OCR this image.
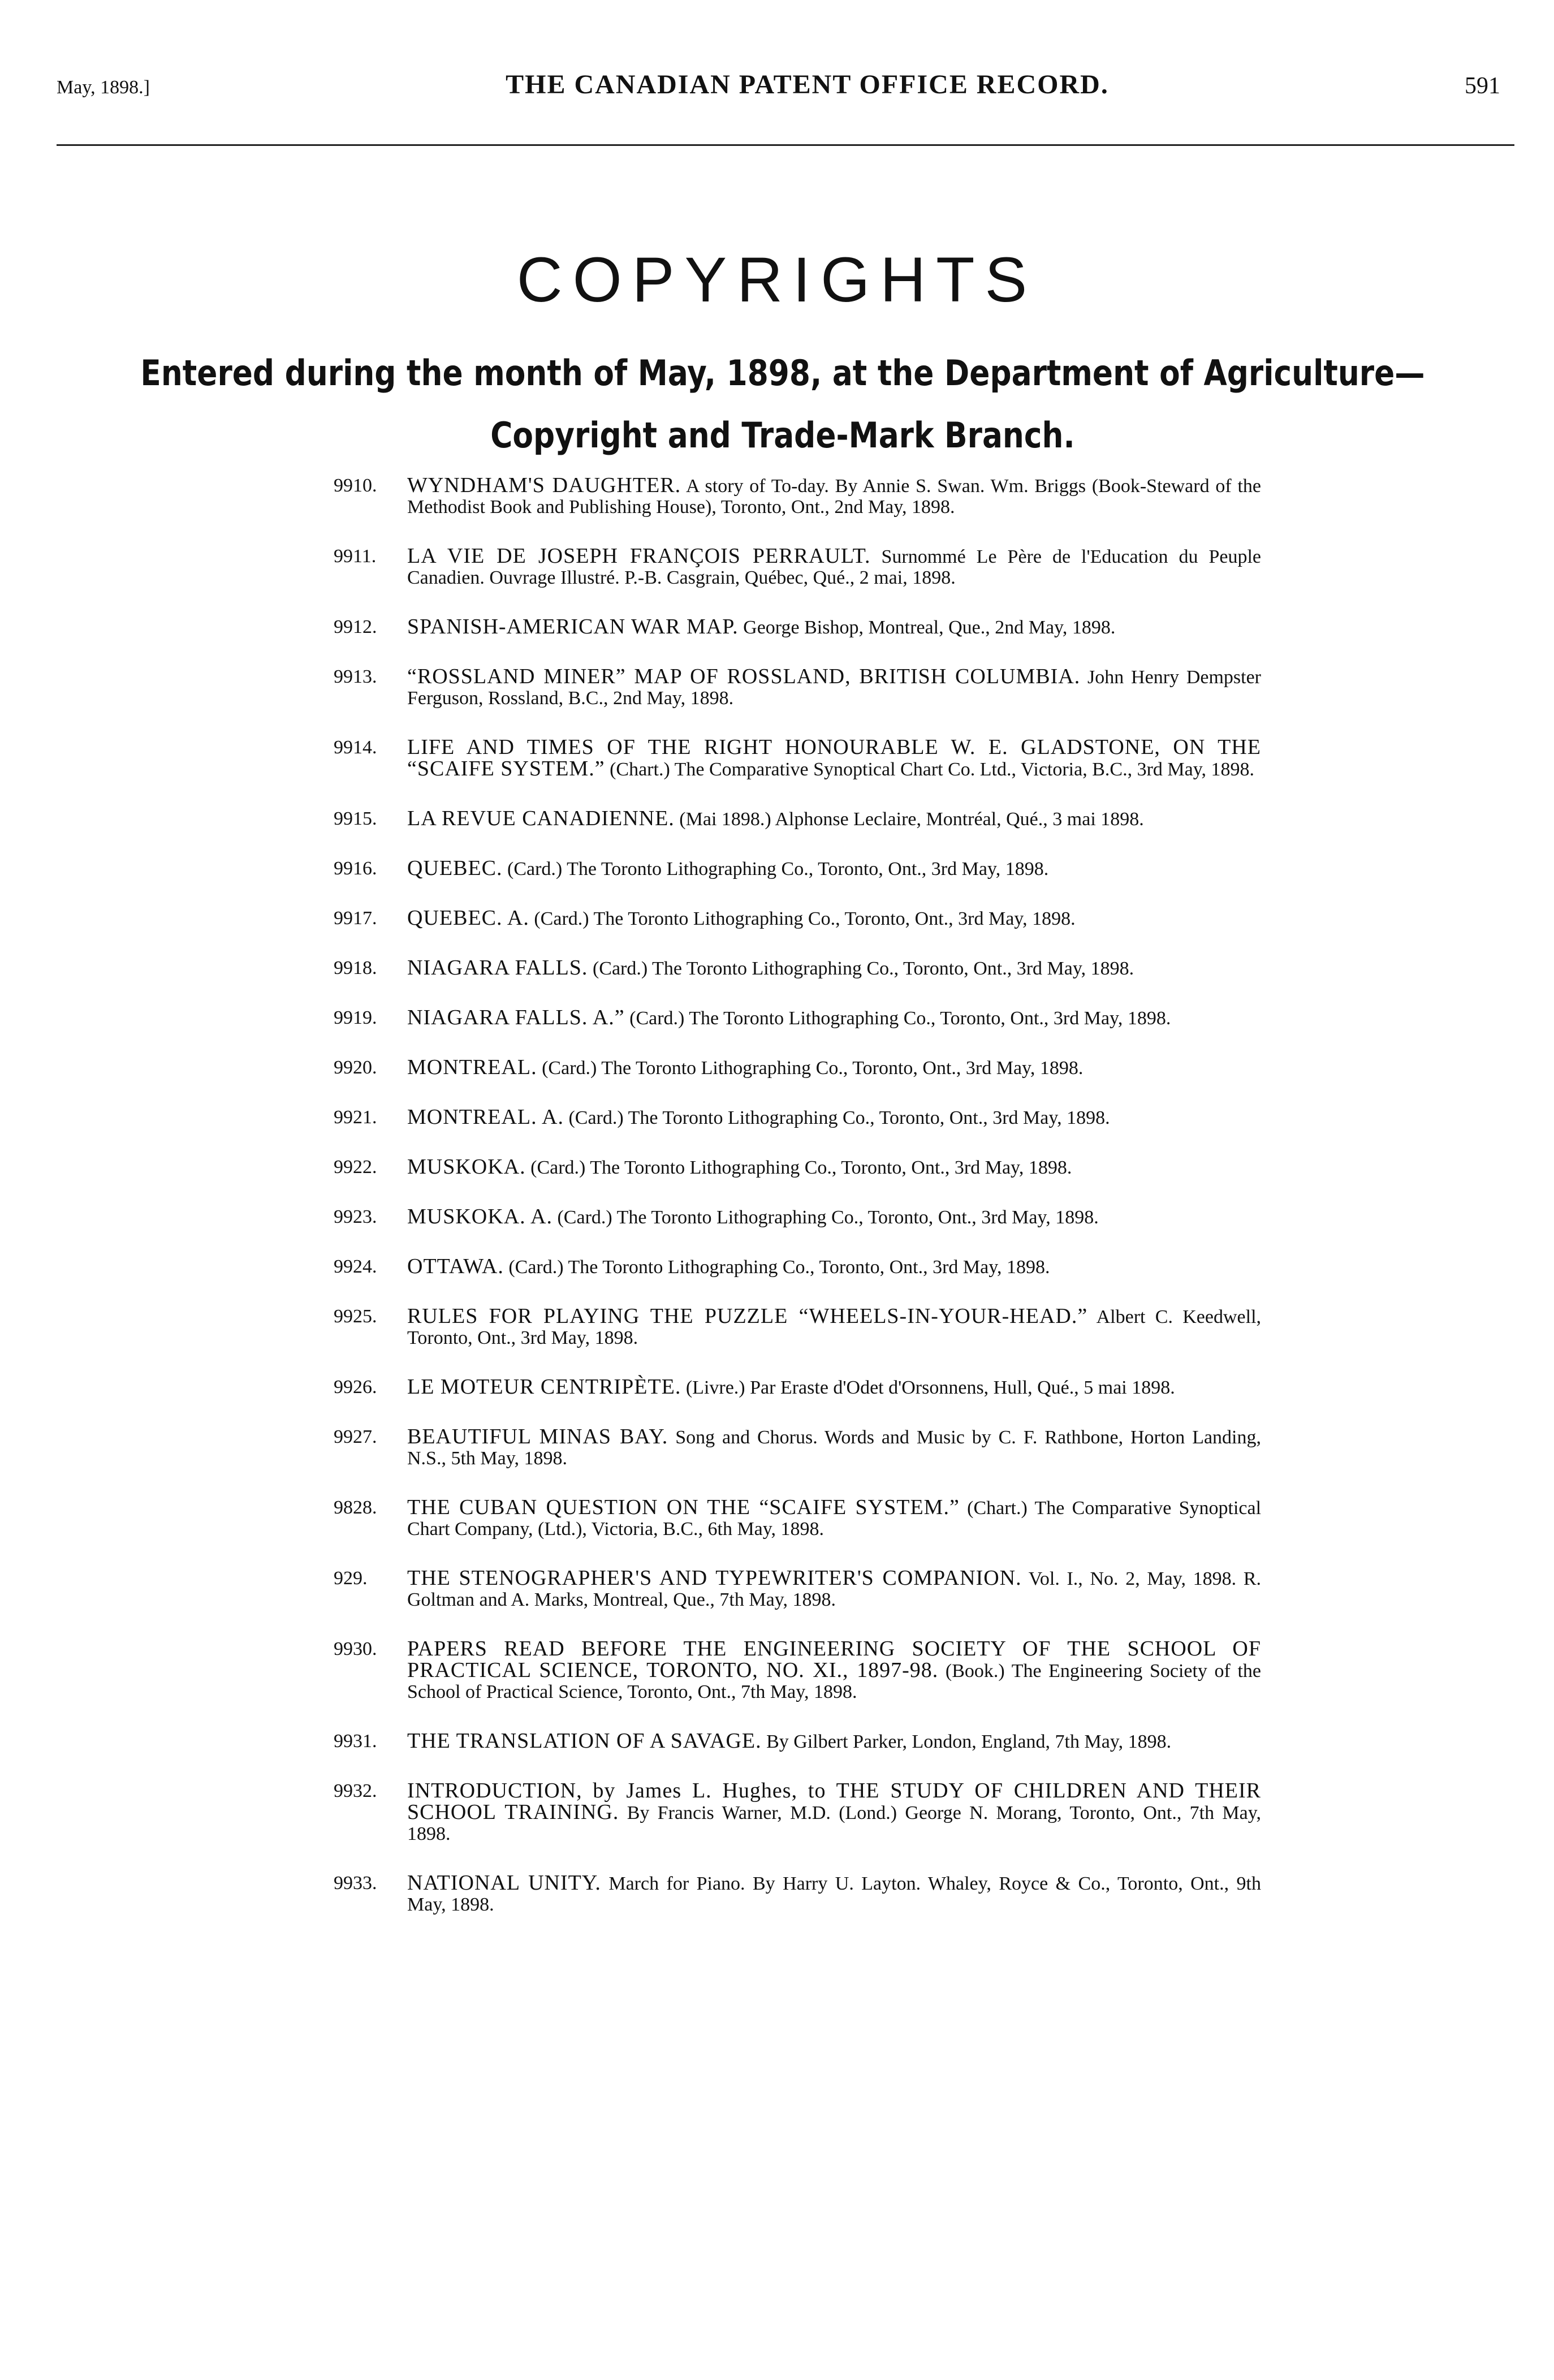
May, 1898.]	THE CANADIAN PATENT OFFICE RECORD.	591
COPYRIGHTS
Entered during the month of May, 1898, at the Department of Agriculture—
Copyright and Trade-Mark Branch.
9910.	WYNDHAM'S DAUGHTER. A story of To-day. By Annie S. Swan. Wm. Briggs (Book-Steward of the Methodist Book and Publishing House), Toronto, Ont., 2nd May, 1898.
9911.	LA VIE DE JOSEPH FRANÇOIS PERRAULT. Surnommé Le Père de l'Education du Peuple Canadien. Ouvrage Illustré. P.-B. Casgrain, Québec, Qué., 2 mai, 1898.
9912.	SPANISH-AMERICAN WAR MAP. George Bishop, Montreal, Que., 2nd May, 1898.
9913.	“ROSSLAND MINER” MAP OF ROSSLAND, BRITISH COLUMBIA. John Henry Dempster Ferguson, Rossland, B.C., 2nd May, 1898.
9914.	LIFE AND TIMES OF THE RIGHT HONOURABLE W. E. GLADSTONE, ON THE “SCAIFE SYSTEM.” (Chart.) The Comparative Synoptical Chart Co. Ltd., Victoria, B.C., 3rd May, 1898.
9915.	LA REVUE CANADIENNE. (Mai 1898.) Alphonse Leclaire, Montréal, Qué., 3 mai 1898.
9916.	QUEBEC. (Card.) The Toronto Lithographing Co., Toronto, Ont., 3rd May, 1898.
9917.	QUEBEC. A. (Card.) The Toronto Lithographing Co., Toronto, Ont., 3rd May, 1898.
9918.	NIAGARA FALLS. (Card.) The Toronto Lithographing Co., Toronto, Ont., 3rd May, 1898.
9919.	NIAGARA FALLS. A.” (Card.) The Toronto Lithographing Co., Toronto, Ont., 3rd May, 1898.
9920.	MONTREAL. (Card.) The Toronto Lithographing Co., Toronto, Ont., 3rd May, 1898.
9921.	MONTREAL. A. (Card.) The Toronto Lithographing Co., Toronto, Ont., 3rd May, 1898.
9922.	MUSKOKA. (Card.) The Toronto Lithographing Co., Toronto, Ont., 3rd May, 1898.
9923.	MUSKOKA. A. (Card.) The Toronto Lithographing Co., Toronto, Ont., 3rd May, 1898.
9924.	OTTAWA. (Card.) The Toronto Lithographing Co., Toronto, Ont., 3rd May, 1898.
9925.	RULES FOR PLAYING THE PUZZLE “WHEELS-IN-YOUR-HEAD.” Albert C. Keedwell, Toronto, Ont., 3rd May, 1898.
9926.	LE MOTEUR CENTRIPÈTE. (Livre.) Par Eraste d'Odet d'Orsonnens, Hull, Qué., 5 mai 1898.
9927.	BEAUTIFUL MINAS BAY. Song and Chorus. Words and Music by C. F. Rathbone, Horton Landing, N.S., 5th May, 1898.
9828.	THE CUBAN QUESTION ON THE “SCAIFE SYSTEM.” (Chart.) The Comparative Synoptical Chart Company, (Ltd.), Victoria, B.C., 6th May, 1898.
929.	THE STENOGRAPHER'S AND TYPEWRITER'S COMPANION. Vol. I., No. 2, May, 1898. R. Goltman and A. Marks, Montreal, Que., 7th May, 1898.
9930.	PAPERS READ BEFORE THE ENGINEERING SOCIETY OF THE SCHOOL OF PRACTICAL SCIENCE, TORONTO, NO. XI., 1897-98. (Book.) The Engineering Society of the School of Practical Science, Toronto, Ont., 7th May, 1898.
9931.	THE TRANSLATION OF A SAVAGE. By Gilbert Parker, London, England, 7th May, 1898.
9932.	INTRODUCTION, by James L. Hughes, to THE STUDY OF CHILDREN AND THEIR SCHOOL TRAINING. By Francis Warner, M.D. (Lond.) George N. Morang, Toronto, Ont., 7th May, 1898.
9933.	NATIONAL UNITY. March for Piano. By Harry U. Layton. Whaley, Royce & Co., Toronto, Ont., 9th May, 1898.
